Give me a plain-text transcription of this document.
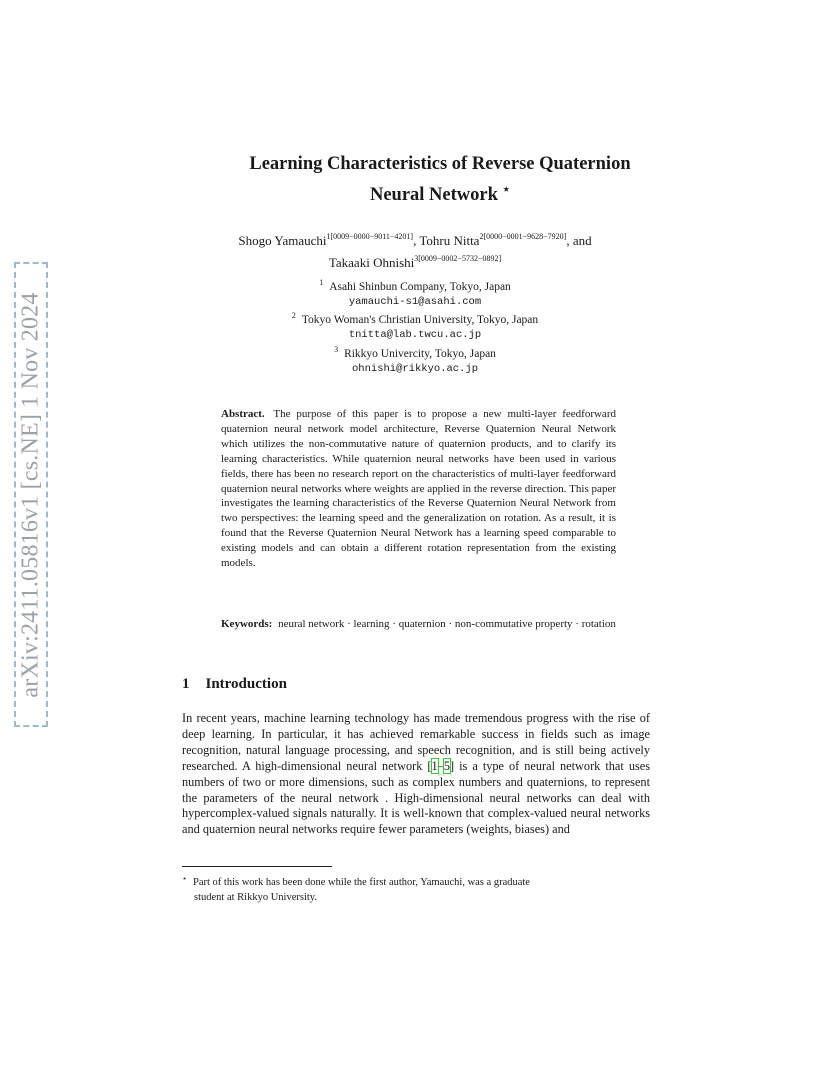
arXiv:2411.05816v1 [cs.NE] 1 Nov 2024
Learning Characteristics of Reverse Quaternion
Neural Network ⋆
Shogo Yamauchi$^{1[0009-0000-9011-4201]}$, Tohru Nitta$^{2[0000-0001-9628-7920]}$, and
Takaaki Ohnishi$^{3[0009-0002-5732-0892]}$
$^1$ Asahi Shinbun Company, Tokyo, Japan
yamauchi-s1@asahi.com
$^2$ Tokyo Woman's Christian University, Tokyo, Japan
tnitta@lab.twcu.ac.jp
$^3$ Rikkyo Univercity, Tokyo, Japan
ohnishi@rikkyo.ac.jp
Abstract. The purpose of this paper is to propose a new multi-layer feedforward quaternion neural network model architecture, Reverse Quaternion Neural Network which utilizes the non-commutative nature of quaternion products, and to clarify its learning characteristics. While quaternion neural networks have been used in various fields, there has been no research report on the characteristics of multi-layer feedforward quaternion neural networks where weights are applied in the reverse direction. This paper investigates the learning characteristics of the Reverse Quaternion Neural Network from two perspectives: the learning speed and the generalization on rotation. As a result, it is found that the Reverse Quaternion Neural Network has a learning speed comparable to existing models and can obtain a different rotation representation from the existing models.
Keywords: neural network · learning · quaternion · non-commutative property · rotation
1 Introduction
In recent years, machine learning technology has made tremendous progress with the rise of deep learning. In particular, it has achieved remarkable success in fields such as image recognition, natural language processing, and speech recognition, and is still being actively researched. A high-dimensional neural network [1–5] is a type of neural network that uses numbers of two or more dimensions, such as complex numbers and quaternions, to represent the parameters of the neural network . High-dimensional neural networks can deal with hypercomplex-valued signals naturally. It is well-known that complex-valued neural networks and quaternion neural networks require fewer parameters (weights, biases) and
⋆ Part of this work has been done while the first author, Yamauchi, was a graduate
student at Rikkyo University.
